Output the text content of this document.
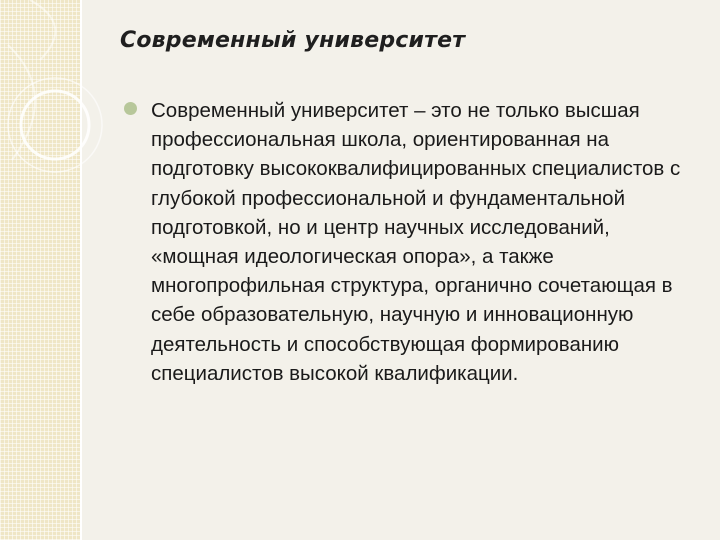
Современный университет
Современный университет – это не только высшая профессиональная школа, ориентированная на подготовку высококвалифицированных специалистов с глубокой профессиональной и фундаментальной подготовкой, но и центр научных исследований, «мощная идеологическая опора», а также многопрофильная структура, органично сочетающая в себе образовательную, научную и инновационную деятельность и способствующая формированию специалистов высокой квалификации.
